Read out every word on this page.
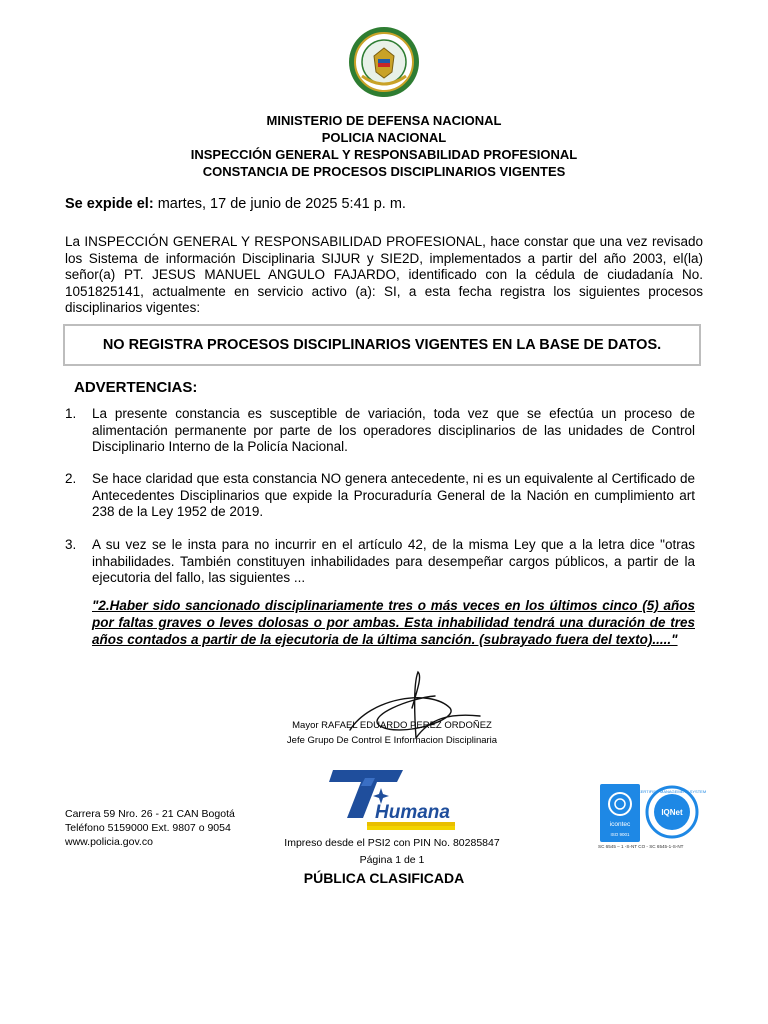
MINISTERIO DE DEFENSA NACIONAL
POLICIA NACIONAL
INSPECCIÓN GENERAL Y RESPONSABILIDAD PROFESIONAL
CONSTANCIA DE PROCESOS DISCIPLINARIOS VIGENTES
Se expide el: martes, 17 de junio de 2025 5:41 p. m.
La INSPECCIÓN GENERAL Y RESPONSABILIDAD PROFESIONAL, hace constar que una vez revisado los Sistema de información Disciplinaria SIJUR y SIE2D, implementados a partir del año 2003, el(la) señor(a) PT. JESUS MANUEL ANGULO FAJARDO, identificado con la cédula de ciudadanía No. 1051825141, actualmente en servicio activo (a): SI, a esta fecha registra los siguientes procesos disciplinarios vigentes:
NO REGISTRA PROCESOS DISCIPLINARIOS VIGENTES EN LA BASE DE DATOS.
ADVERTENCIAS:
1. La presente constancia es susceptible de variación, toda vez que se efectúa un proceso de alimentación permanente por parte de los operadores disciplinarios de las unidades de Control Disciplinario Interno de la Policía Nacional.
2. Se hace claridad que esta constancia NO genera antecedente, ni es un equivalente al Certificado de Antecedentes Disciplinarios que expide la Procuraduría General de la Nación en cumplimiento art 238 de la Ley 1952 de 2019.
3. A su vez se le insta para no incurrir en el artículo 42, de la misma Ley que a la letra dice "otras inhabilidades. También constituyen inhabilidades para desempeñar cargos públicos, a partir de la ejecutoria del fallo, las siguientes ...
"2.Haber sido sancionado disciplinariamente tres o más veces en los últimos cinco (5) años por faltas graves o leves dolosas o por ambas. Esta inhabilidad tendrá una duración de tres años contados a partir de la ejecutoria de la última sanción. (subrayado fuera del texto)....."
Mayor RAFAEL EDUARDO PEREZ ORDOÑEZ
Jefe Grupo De Control E Informacion Disciplinaria
Humana
Carrera 59 Nro. 26 - 21 CAN Bogotá
Teléfono 5159000 Ext. 9807 o 9054
www.policia.gov.co	Impreso desde el PSI2 con PIN No. 80285847
Página 1 de 1
PÚBLICA CLASIFICADA
icontec
ISO 9001
IQNet
CERTIFIED MANAGEMENT SYSTEM
SC 6545 – 1 -S-NT CO - SC 6545-1-S-NT
